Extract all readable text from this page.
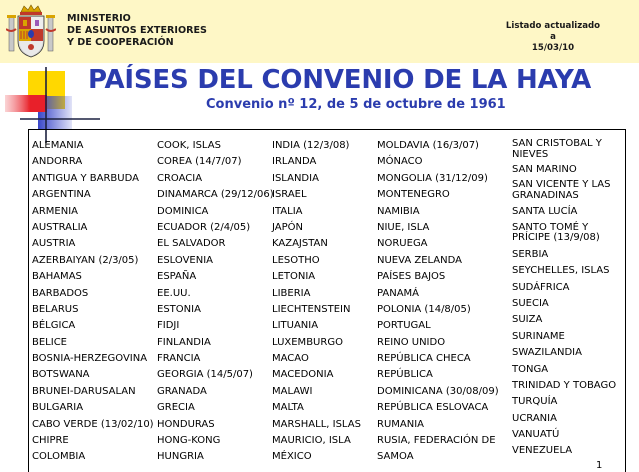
MINISTERIO
DE ASUNTOS EXTERIORES
Y DE COOPERACIÓN
Listado actualizado
a
15/03/10
PAÍSES DEL CONVENIO DE LA HAYA
Convenio nº 12, de 5 de octubre de 1961
ALEMANIA
ANDORRA
ANTIGUA Y BARBUDA
ARGENTINA
ARMENIA
AUSTRALIA
AUSTRIA
AZERBAIYAN (2/3/05)
BAHAMAS
BARBADOS
BELARUS
BÉLGICA
BELICE
BOSNIA-HERZEGOVINA
BOTSWANA
BRUNEI-DARUSALAN
BULGARIA
CABO VERDE (13/02/10)
CHIPRE
COLOMBIA
COOK, ISLAS
COREA (14/7/07)
CROACIA
DINAMARCA (29/12/06)
DOMINICA
ECUADOR (2/4/05)
EL SALVADOR
ESLOVENIA
ESPAÑA
EE.UU.
ESTONIA
FIDJI
FINLANDIA
FRANCIA
GEORGIA (14/5/07)
GRANADA
GRECIA
HONDURAS
HONG-KONG
HUNGRIA
INDIA (12/3/08)
IRLANDA
ISLANDIA
ISRAEL
ITALIA
JAPÓN
KAZAJSTAN
LESOTHO
LETONIA
LIBERIA
LIECHTENSTEIN
LITUANIA
LUXEMBURGO
MACAO
MACEDONIA
MALAWI
MALTA
MARSHALL, ISLAS
MAURICIO, ISLA
MÉXICO
MOLDAVIA (16/3/07)
MÓNACO
MONGOLIA (31/12/09)
MONTENEGRO
NAMIBIA
NIUE, ISLA
NORUEGA
NUEVA ZELANDA
PAÍSES BAJOS
PANAMÁ
POLONIA (14/8/05)
PORTUGAL
REINO UNIDO
REPÚBLICA CHECA
REPÚBLICA
DOMINICANA (30/08/09)
REPÚBLICA ESLOVACA
RUMANIA
RUSIA, FEDERACIÓN DE
SAMOA
SAN CRISTOBAL Y NIEVES
SAN MARINO
SAN VICENTE Y LAS GRANADINAS
SANTA LUCÍA
SANTO TOMÉ Y PRÍCIPE (13/9/08)
SERBIA
SEYCHELLES, ISLAS
SUDÁFRICA
SUECIA
SUIZA
SURINAME
SWAZILANDIA
TONGA
TRINIDAD Y TOBAGO
TURQUÍA
UCRANIA
VANUATÚ
VENEZUELA
1
